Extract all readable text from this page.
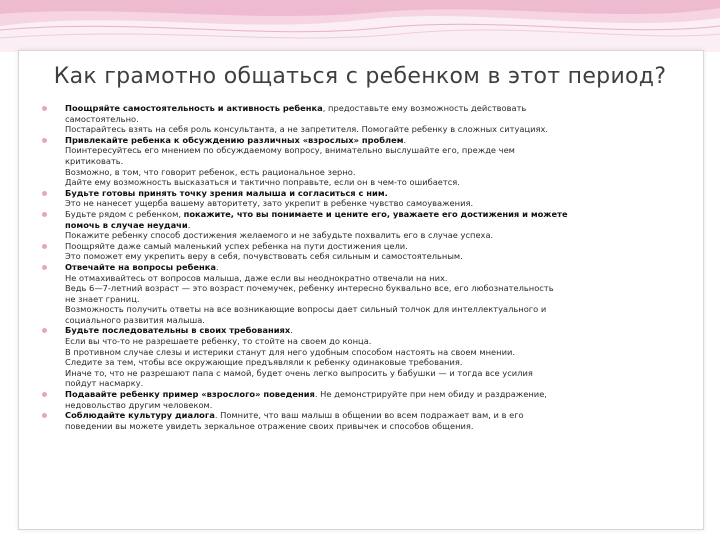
Как грамотно общаться с ребенком в этот период?
Поощряйте самостоятельность и активность ребенка, предоставьте ему возможность действовать
самостоятельно.
Постарайтесь взять на себя роль консультанта, а не запретителя. Помогайте ребенку в сложных ситуациях.
Привлекайте ребенка к обсуждению различных «взрослых» проблем.
Поинтересуйтесь его мнением по обсуждаемому вопросу, внимательно выслушайте его, прежде чем
критиковать.
Возможно, в том, что говорит ребенок, есть рациональное зерно.
Дайте ему возможность высказаться и тактично поправьте, если он в чем-то ошибается.
Будьте готовы принять точку зрения малыша и согласиться с ним.
Это не нанесет ущерба вашему авторитету, зато укрепит в ребенке чувство самоуважения.
Будьте рядом с ребенком, покажите, что вы понимаете и цените его, уважаете его достижения и можете
помочь в случае неудачи.
Покажите ребенку способ достижения желаемого и не забудьте похвалить его в случае успеха.
Поощряйте даже самый маленький успех ребенка на пути достижения цели.
Это поможет ему укрепить веру в себя, почувствовать себя сильным и самостоятельным.
Отвечайте на вопросы ребенка.
Не отмахивайтесь от вопросов малыша, даже если вы неоднократно отвечали на них.
Ведь 6—7-летний возраст — это возраст почемучек, ребенку интересно буквально все, его любознательность
не знает границ.
Возможность получить ответы на все возникающие вопросы дает сильный толчок для интеллектуального и
социального развития малыша.
Будьте последовательны в своих требованиях.
Если вы что-то не разрешаете ребенку, то стойте на своем до конца.
В противном случае слезы и истерики станут для него удобным способом настоять на своем мнении.
Следите за тем, чтобы все окружающие предъявляли к ребенку одинаковые требования.
Иначе то, что не разрешают папа с мамой, будет очень легко выпросить у бабушки — и тогда все усилия
пойдут насмарку.
Подавайте ребенку пример «взрослого» поведения. Не демонстрируйте при нем обиду и раздражение,
недовольство другим человеком.
Соблюдайте культуру диалога. Помните, что ваш малыш в общении во всем подражает вам, и в его
поведении вы можете увидеть зеркальное отражение своих привычек и способов общения.
